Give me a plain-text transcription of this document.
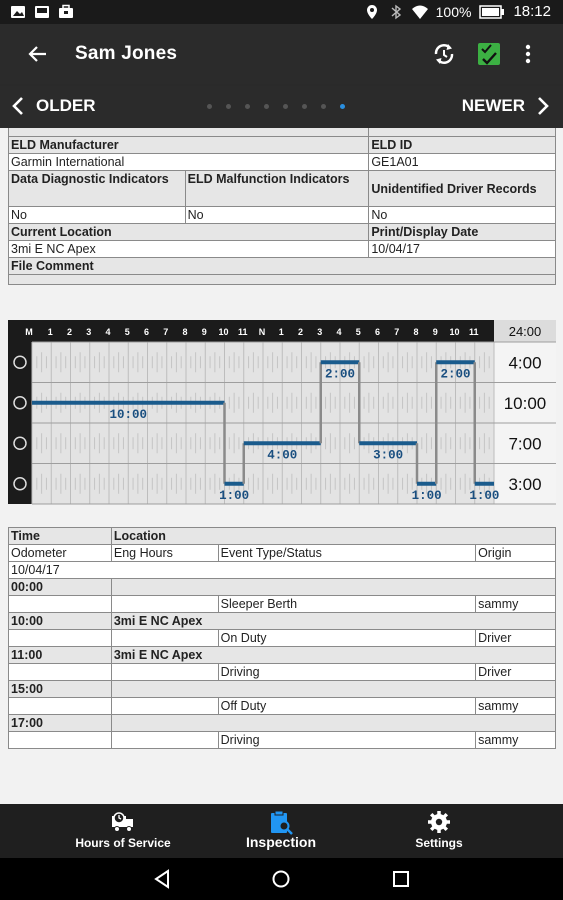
100%	18:12
Sam Jones
OLDER	NEWER

ELD Manufacturer		ELD ID
Garmin International		GE1A01
Data Diagnostic Indicators	ELD Malfunction Indicators	Unidentified Driver Records
No	No	No
Current Location		Print/Display Date
3mi E NC Apex		10/04/17
File Comment		

M 1 2 3 4 5 6 7 8 9 10 11 N 1 2 3 4 5 6 7 8 9 10 11 24:00
4:00
10:00
7:00
3:00
10:00
1:00
4:00
2:00
3:00
1:00
2:00
1:00
Time	Location		
Odometer	Eng Hours	Event Type/Status	Origin
10/04/17			
00:00			
		Sleeper Berth	sammy
10:00	3mi E NC Apex		
		On Duty	Driver
11:00	3mi E NC Apex		
		Driving	Driver
15:00			
		Off Duty	sammy
17:00			
		Driving	sammy
Hours of Service	Inspection	Settings
